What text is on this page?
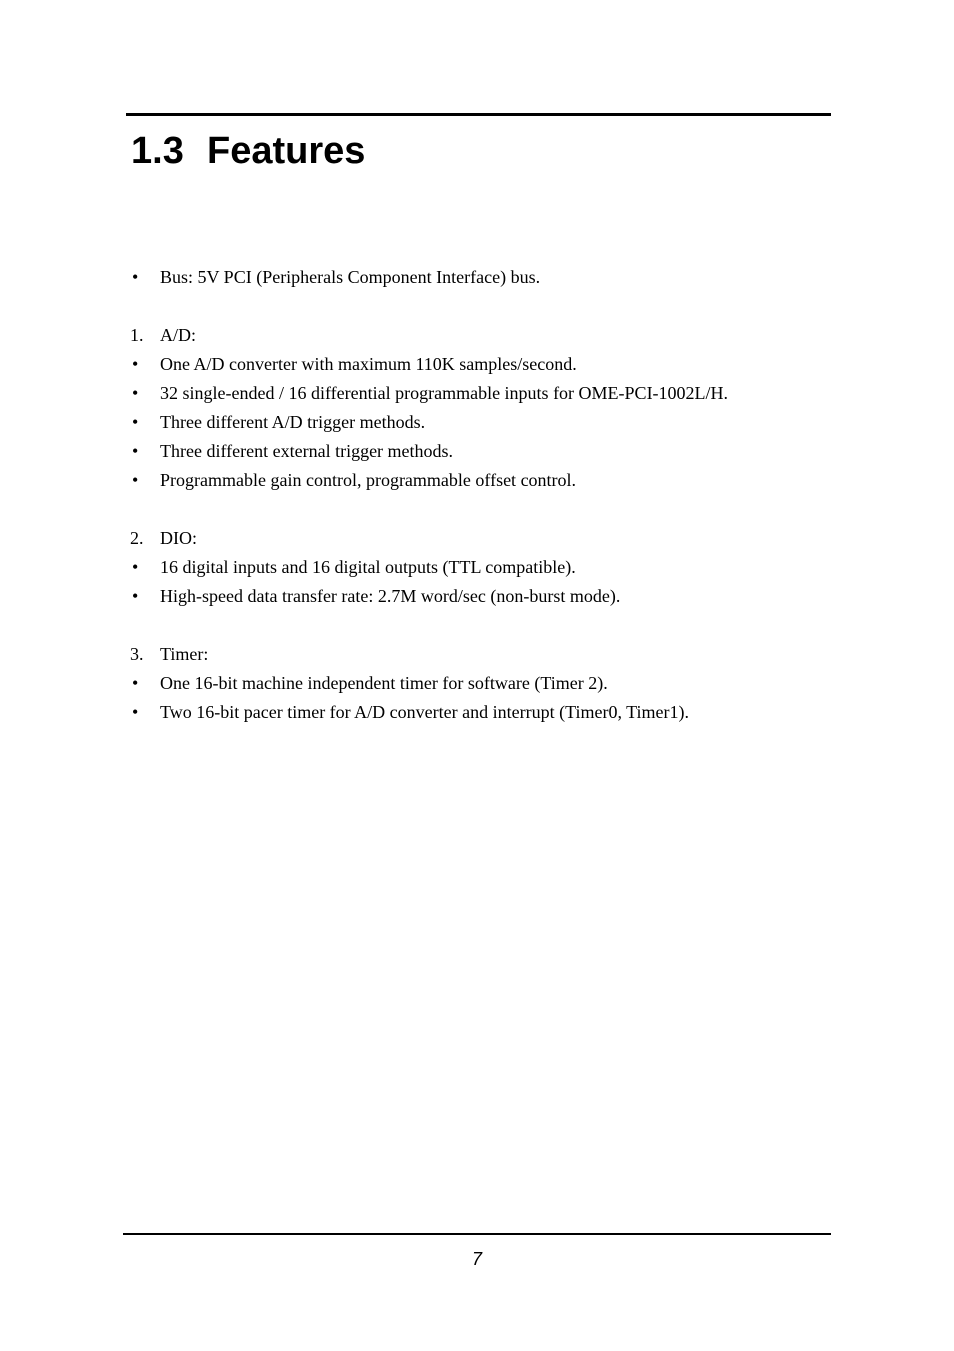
1.3 Features
•	Bus: 5V PCI (Peripherals Component Interface) bus.
1. A/D:
•	One A/D converter with maximum 110K samples/second.
•	32 single-ended / 16 differential programmable inputs for OME-PCI-1002L/H.
•	Three different A/D trigger methods.
•	Three different external trigger methods.
•	Programmable gain control, programmable offset control.
2. DIO:
•	16 digital inputs and 16 digital outputs (TTL compatible).
•	High-speed data transfer rate: 2.7M word/sec (non-burst mode).
3. Timer:
•	One 16-bit machine independent timer for software (Timer 2).
•	Two 16-bit pacer timer for A/D converter and interrupt (Timer0, Timer1).
7
